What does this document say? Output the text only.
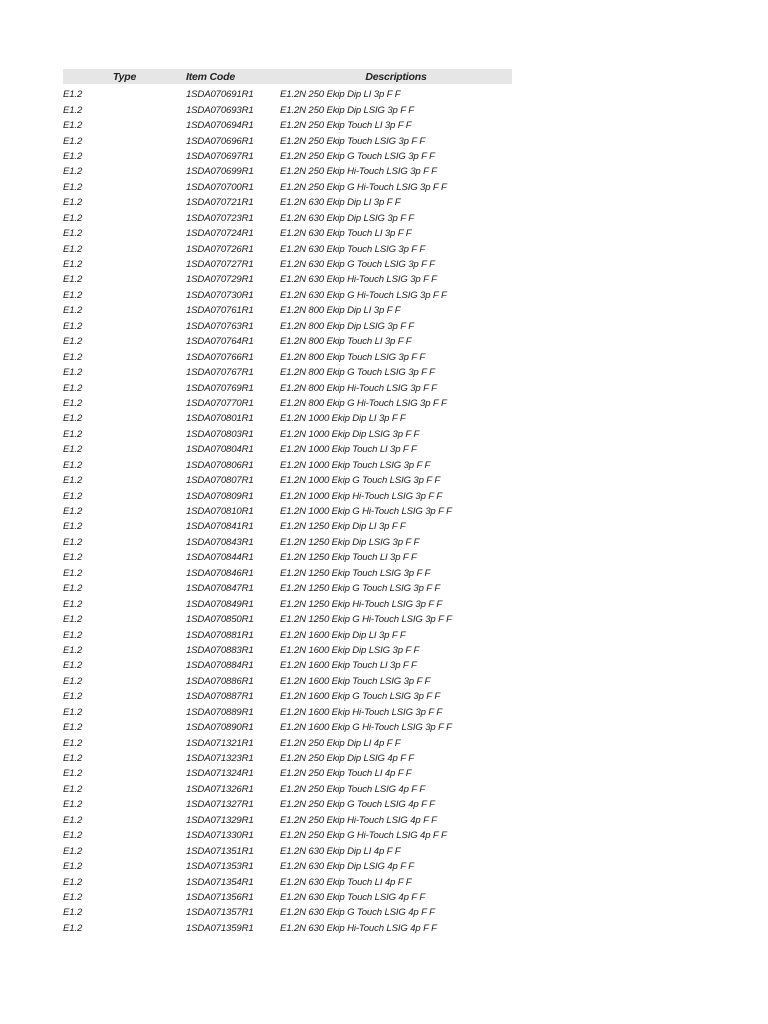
Type	Item Code	Descriptions
E1.2	1SDA070691R1	E1.2N 250 Ekip Dip LI 3p F F
E1.2	1SDA070693R1	E1.2N 250 Ekip Dip LSIG 3p F F
E1.2	1SDA070694R1	E1.2N 250 Ekip Touch LI 3p F F
E1.2	1SDA070696R1	E1.2N 250 Ekip Touch LSIG 3p F F
E1.2	1SDA070697R1	E1.2N 250 Ekip G Touch LSIG 3p F F
E1.2	1SDA070699R1	E1.2N 250 Ekip Hi-Touch LSIG 3p F F
E1.2	1SDA070700R1	E1.2N 250 Ekip G Hi-Touch LSIG 3p F F
E1.2	1SDA070721R1	E1.2N 630 Ekip Dip LI 3p F F
E1.2	1SDA070723R1	E1.2N 630 Ekip Dip LSIG 3p F F
E1.2	1SDA070724R1	E1.2N 630 Ekip Touch LI 3p F F
E1.2	1SDA070726R1	E1.2N 630 Ekip Touch LSIG 3p F F
E1.2	1SDA070727R1	E1.2N 630 Ekip G Touch LSIG 3p F F
E1.2	1SDA070729R1	E1.2N 630 Ekip Hi-Touch LSIG 3p F F
E1.2	1SDA070730R1	E1.2N 630 Ekip G Hi-Touch LSIG 3p F F
E1.2	1SDA070761R1	E1.2N 800 Ekip Dip LI 3p F F
E1.2	1SDA070763R1	E1.2N 800 Ekip Dip LSIG 3p F F
E1.2	1SDA070764R1	E1.2N 800 Ekip Touch LI 3p F F
E1.2	1SDA070766R1	E1.2N 800 Ekip Touch LSIG 3p F F
E1.2	1SDA070767R1	E1.2N 800 Ekip G Touch LSIG 3p F F
E1.2	1SDA070769R1	E1.2N 800 Ekip Hi-Touch LSIG 3p F F
E1.2	1SDA070770R1	E1.2N 800 Ekip G Hi-Touch LSIG 3p F F
E1.2	1SDA070801R1	E1.2N 1000 Ekip Dip LI 3p F F
E1.2	1SDA070803R1	E1.2N 1000 Ekip Dip LSIG 3p F F
E1.2	1SDA070804R1	E1.2N 1000 Ekip Touch LI 3p F F
E1.2	1SDA070806R1	E1.2N 1000 Ekip Touch LSIG 3p F F
E1.2	1SDA070807R1	E1.2N 1000 Ekip G Touch LSIG 3p F F
E1.2	1SDA070809R1	E1.2N 1000 Ekip Hi-Touch LSIG 3p F F
E1.2	1SDA070810R1	E1.2N 1000 Ekip G Hi-Touch LSIG 3p F F
E1.2	1SDA070841R1	E1.2N 1250 Ekip Dip LI 3p F F
E1.2	1SDA070843R1	E1.2N 1250 Ekip Dip LSIG 3p F F
E1.2	1SDA070844R1	E1.2N 1250 Ekip Touch LI 3p F F
E1.2	1SDA070846R1	E1.2N 1250 Ekip Touch LSIG 3p F F
E1.2	1SDA070847R1	E1.2N 1250 Ekip G Touch LSIG 3p F F
E1.2	1SDA070849R1	E1.2N 1250 Ekip Hi-Touch LSIG 3p F F
E1.2	1SDA070850R1	E1.2N 1250 Ekip G Hi-Touch LSIG 3p F F
E1.2	1SDA070881R1	E1.2N 1600 Ekip Dip LI 3p F F
E1.2	1SDA070883R1	E1.2N 1600 Ekip Dip LSIG 3p F F
E1.2	1SDA070884R1	E1.2N 1600 Ekip Touch LI 3p F F
E1.2	1SDA070886R1	E1.2N 1600 Ekip Touch LSIG 3p F F
E1.2	1SDA070887R1	E1.2N 1600 Ekip G Touch LSIG 3p F F
E1.2	1SDA070889R1	E1.2N 1600 Ekip Hi-Touch LSIG 3p F F
E1.2	1SDA070890R1	E1.2N 1600 Ekip G Hi-Touch LSIG 3p F F
E1.2	1SDA071321R1	E1.2N 250 Ekip Dip LI 4p F F
E1.2	1SDA071323R1	E1.2N 250 Ekip Dip LSIG 4p F F
E1.2	1SDA071324R1	E1.2N 250 Ekip Touch LI 4p F F
E1.2	1SDA071326R1	E1.2N 250 Ekip Touch LSIG 4p F F
E1.2	1SDA071327R1	E1.2N 250 Ekip G Touch LSIG 4p F F
E1.2	1SDA071329R1	E1.2N 250 Ekip Hi-Touch LSIG 4p F F
E1.2	1SDA071330R1	E1.2N 250 Ekip G Hi-Touch LSIG 4p F F
E1.2	1SDA071351R1	E1.2N 630 Ekip Dip LI 4p F F
E1.2	1SDA071353R1	E1.2N 630 Ekip Dip LSIG 4p F F
E1.2	1SDA071354R1	E1.2N 630 Ekip Touch LI 4p F F
E1.2	1SDA071356R1	E1.2N 630 Ekip Touch LSIG 4p F F
E1.2	1SDA071357R1	E1.2N 630 Ekip G Touch LSIG 4p F F
E1.2	1SDA071359R1	E1.2N 630 Ekip Hi-Touch LSIG 4p F F
